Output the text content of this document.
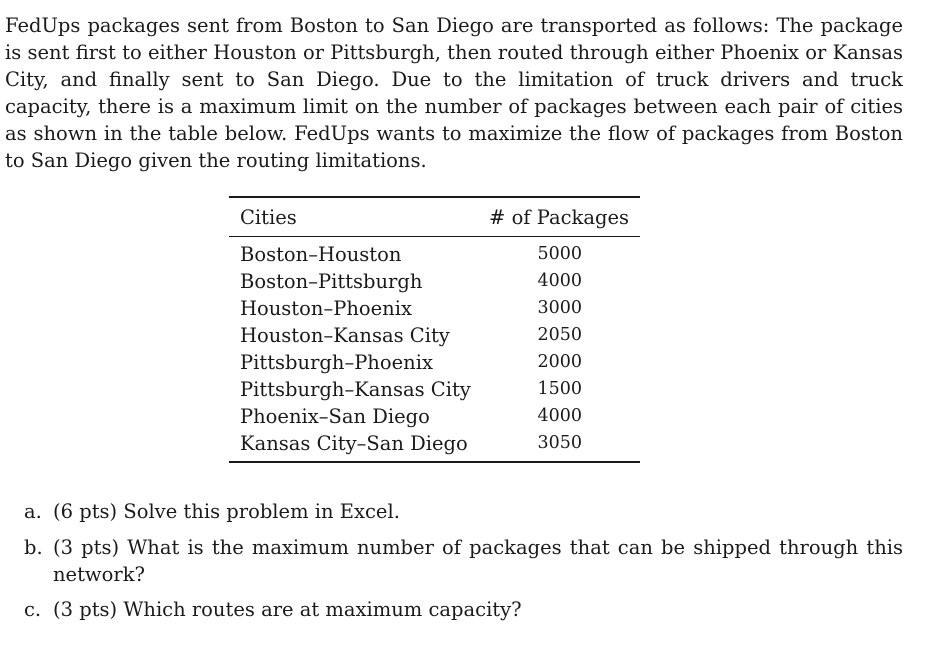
FedUps packages sent from Boston to San Diego are transported as follows: The package is sent first to either Houston or Pittsburgh, then routed through either Phoenix or Kansas City, and finally sent to San Diego. Due to the limitation of truck drivers and truck capacity, there is a maximum limit on the number of packages between each pair of cities as shown in the table below. FedUps wants to maximize the flow of packages from Boston to San Diego given the routing limitations.

Cities	# of Packages
Boston–Houston	5000
Boston–Pittsburgh	4000
Houston–Phoenix	3000
Houston–Kansas City	2050
Pittsburgh–Phoenix	2000
Pittsburgh–Kansas City	1500
Phoenix–San Diego	4000
Kansas City–San Diego	3050
a. (6 pts) Solve this problem in Excel.
b. (3 pts) What is the maximum number of packages that can be shipped through this network?
c. (3 pts) Which routes are at maximum capacity?
